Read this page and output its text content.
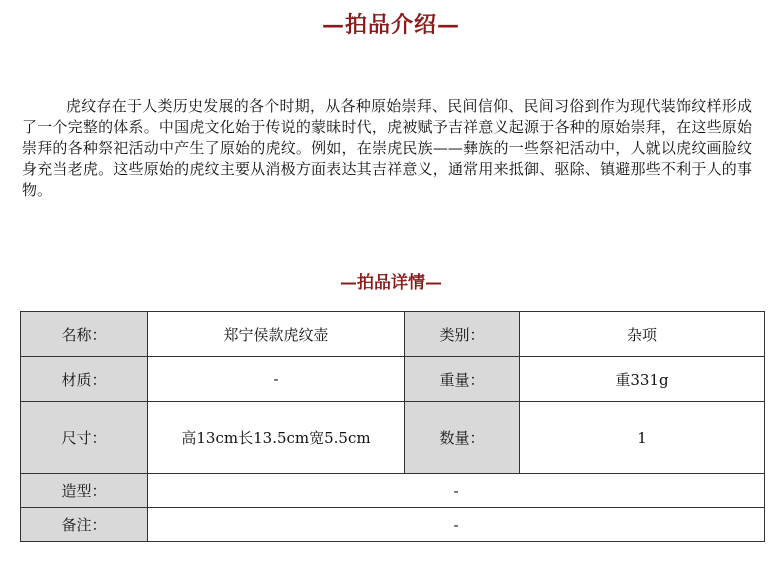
—拍品介绍—

虎纹存在于人类历史发展的各个时期，从各种原始崇拜、民间信仰、民间习俗到作为现代装饰纹样形成了一个完整的体系。中国虎文化始于传说的蒙昧时代，虎被赋予吉祥意义起源于各种的原始崇拜，在这些原始崇拜的各种祭祀活动中产生了原始的虎纹。例如，在崇虎民族——彝族的一些祭祀活动中，人就以虎纹画脸纹身充当老虎。这些原始的虎纹主要从消极方面表达其吉祥意义，通常用来抵御、驱除、镇避那些不利于人的事物。

—拍品详情—
名称：	郑宁侯款虎纹壶	类别：	杂项
材质：	-	重量：	重331g
尺寸：	高13cm长13.5cm宽5.5cm	数量：	1
造型：	-		
备注：	-		
